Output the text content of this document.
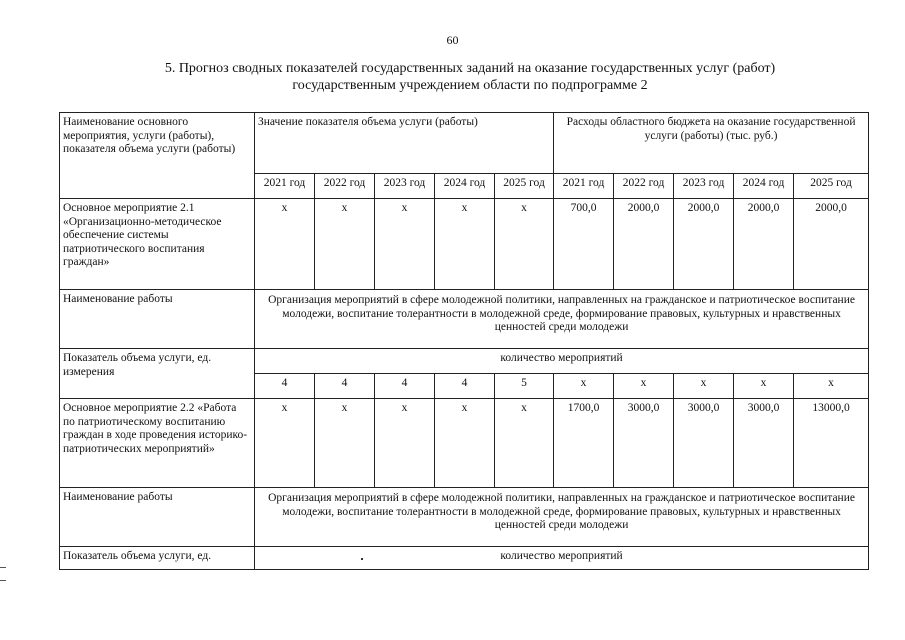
60
5. Прогноз сводных показателей государственных заданий на оказание государственных услуг (работ)
государственным учреждением области по подпрограмме 2
Наименование основного мероприятия, услуги (работы), показателя объема услуги (работы)	Значение показателя объема услуги (работы)					Расходы областного бюджета на оказание государственной услуги (работы) (тыс. руб.)				
	2021 год	2022 год	2023 год	2024 год	2025 год	2021 год	2022 год	2023 год	2024 год	2025 год
Основное мероприятие 2.1 «Организационно-методическое обеспечение системы патриотического воспитания граждан»	х	х	х	х	х	700,0	2000,0	2000,0	2000,0	2000,0
Наименование работы	Организация мероприятий в сфере молодежной политики, направленных на гражданское и патриотическое воспитание молодежи, воспитание толерантности в молодежной среде, формирование правовых, культурных и нравственных ценностей среди молодежи									
Показатель объема услуги, ед. измерения	количество мероприятий									
	4	4	4	4	5	х	х	х	х	х
Основное мероприятие 2.2 «Работа по патриотическому воспитанию граждан в ходе проведения историко-патриотических мероприятий»	х	х	х	х	х	1700,0	3000,0	3000,0	3000,0	13000,0
Наименование работы	Организация мероприятий в сфере молодежной политики, направленных на гражданское и патриотическое воспитание молодежи, воспитание толерантности в молодежной среде, формирование правовых, культурных и нравственных ценностей среди молодежи									
Показатель объема услуги, ед.	количество мероприятий									
